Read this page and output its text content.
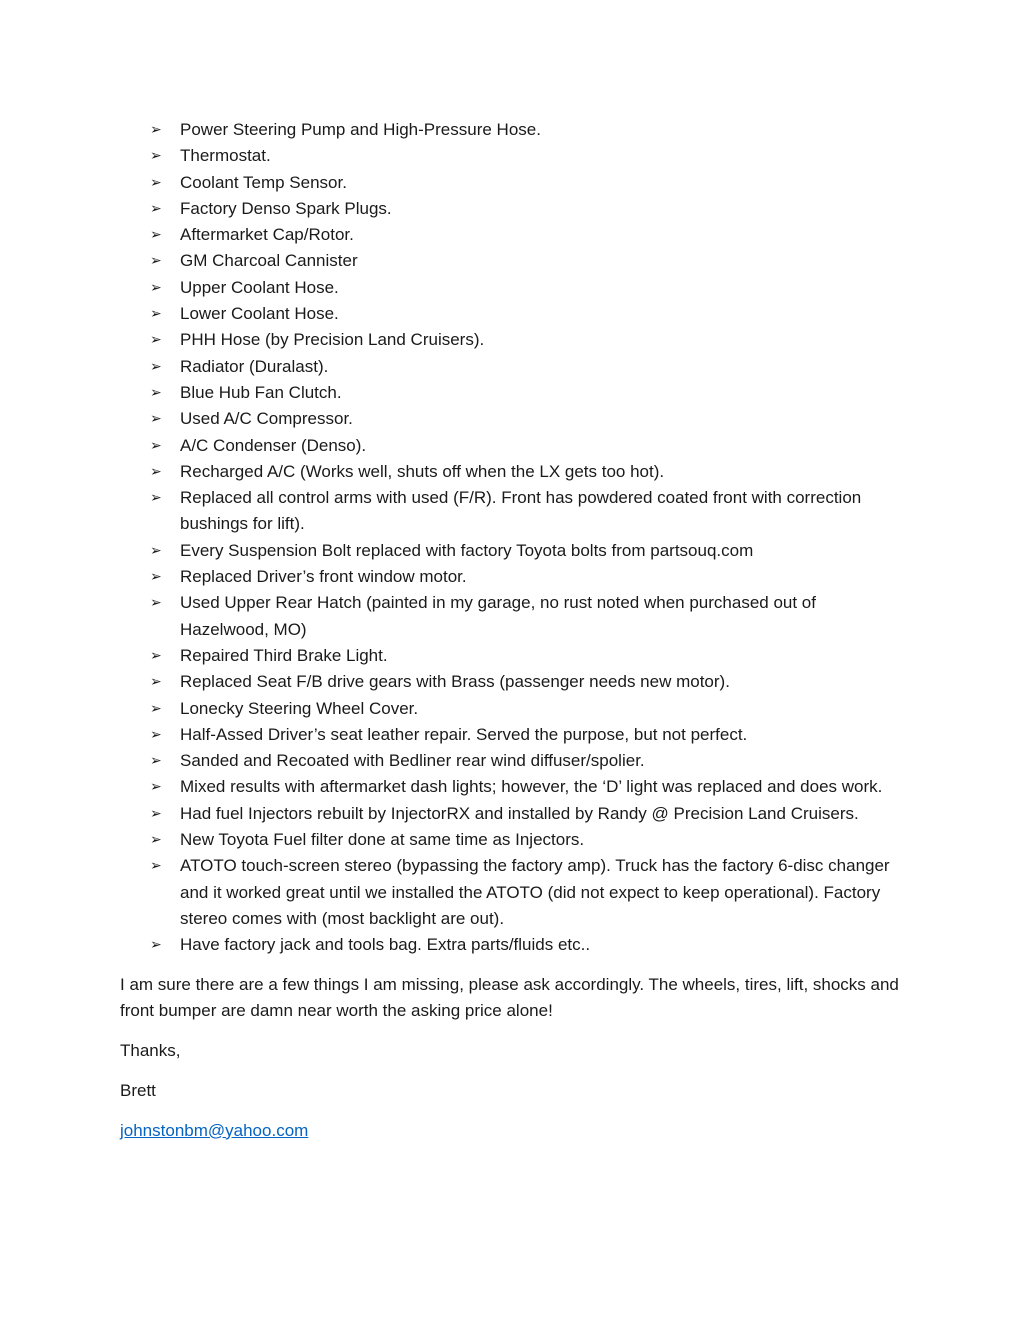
➢ Power Steering Pump and High-Pressure Hose.
➢ Thermostat.
➢ Coolant Temp Sensor.
➢ Factory Denso Spark Plugs.
➢ Aftermarket Cap/Rotor.
➢ GM Charcoal Cannister
➢ Upper Coolant Hose.
➢ Lower Coolant Hose.
➢ PHH Hose (by Precision Land Cruisers).
➢ Radiator (Duralast).
➢ Blue Hub Fan Clutch.
➢ Used A/C Compressor.
➢ A/C Condenser (Denso).
➢ Recharged A/C (Works well, shuts off when the LX gets too hot).
➢ Replaced all control arms with used (F/R). Front has powdered coated front with correction bushings for lift).
➢ Every Suspension Bolt replaced with factory Toyota bolts from partsouq.com
➢ Replaced Driver’s front window motor.
➢ Used Upper Rear Hatch (painted in my garage, no rust noted when purchased out of Hazelwood, MO)
➢ Repaired Third Brake Light.
➢ Replaced Seat F/B drive gears with Brass (passenger needs new motor).
➢ Lonecky Steering Wheel Cover.
➢ Half-Assed Driver’s seat leather repair. Served the purpose, but not perfect.
➢ Sanded and Recoated with Bedliner rear wind diffuser/spolier.
➢ Mixed results with aftermarket dash lights; however, the ‘D’ light was replaced and does work.
➢ Had fuel Injectors rebuilt by InjectorRX and installed by Randy @ Precision Land Cruisers.
➢ New Toyota Fuel filter done at same time as Injectors.
➢ ATOTO touch-screen stereo (bypassing the factory amp). Truck has the factory 6-disc changer and it worked great until we installed the ATOTO (did not expect to keep operational). Factory stereo comes with (most backlight are out).
➢ Have factory jack and tools bag. Extra parts/fluids etc..

I am sure there are a few things I am missing, please ask accordingly. The wheels, tires, lift, shocks and front bumper are damn near worth the asking price alone!

Thanks,

Brett

johnstonbm@yahoo.com
